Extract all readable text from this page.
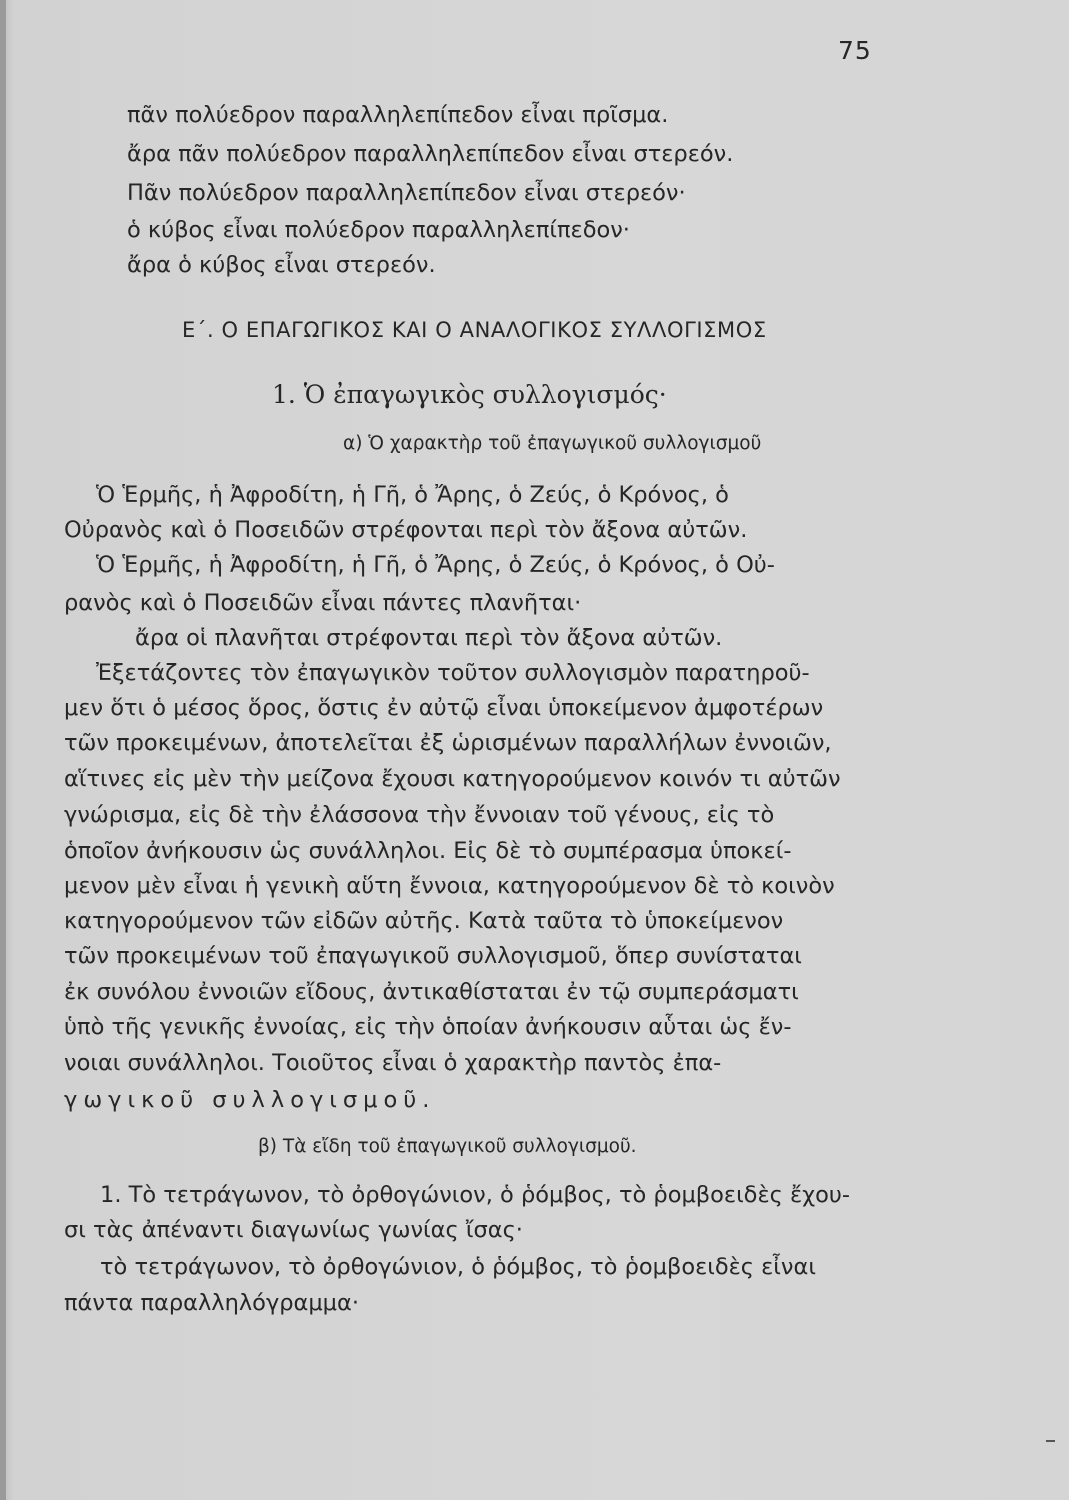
75
πᾶν πολύεδρον παραλληλεπίπεδον εἶναι πρῖσμα.
ἄρα πᾶν πολύεδρον παραλληλεπίπεδον εἶναι στερεόν.
Πᾶν πολύεδρον παραλληλεπίπεδον εἶναι στερεόν·
ὁ κύβος εἶναι πολύεδρον παραλληλεπίπεδον·
ἄρα ὁ κύβος εἶναι στερεόν.
Ε΄. Ο ΕΠΑΓΩΓΙΚΟΣ ΚΑΙ Ο ΑΝΑΛΟΓΙΚΟΣ ΣΥΛΛΟΓΙΣΜΟΣ
1. Ὁ ἐπαγωγικὸς συλλογισμός·
α) Ὁ χαρακτὴρ τοῦ ἐπαγωγικοῦ συλλογισμοῦ
Ὁ Ἑρμῆς, ἡ Ἀφροδίτη, ἡ Γῆ, ὁ Ἄρης, ὁ Ζεύς, ὁ Κρόνος, ὁ
Οὐρανὸς καὶ ὁ Ποσειδῶν στρέφονται περὶ τὸν ἄξονα αὐτῶν.
Ὁ Ἑρμῆς, ἡ Ἀφροδίτη, ἡ Γῆ, ὁ Ἄρης, ὁ Ζεύς, ὁ Κρόνος, ὁ Οὐ-
ρανὸς καὶ ὁ Ποσειδῶν εἶναι πάντες πλανῆται·
ἄρα οἱ πλανῆται στρέφονται περὶ τὸν ἄξονα αὐτῶν.
Ἐξετάζοντες τὸν ἐπαγωγικὸν τοῦτον συλλογισμὸν παρατηροῦ-
μεν ὅτι ὁ μέσος ὅρος, ὅστις ἐν αὐτῷ εἶναι ὑποκείμενον ἀμφοτέρων
τῶν προκειμένων, ἀποτελεῖται ἐξ ὡρισμένων παραλλήλων ἐννοιῶν,
αἵτινες εἰς μὲν τὴν μείζονα ἔχουσι κατηγορούμενον κοινόν τι αὐτῶν
γνώρισμα, εἰς δὲ τὴν ἐλάσσονα τὴν ἔννοιαν τοῦ γένους, εἰς τὸ
ὁποῖον ἀνήκουσιν ὡς συνάλληλοι. Εἰς δὲ τὸ συμπέρασμα ὑποκεί-
μενον μὲν εἶναι ἡ γενικὴ αὕτη ἔννοια, κατηγορούμενον δὲ τὸ κοινὸν
κατηγορούμενον τῶν εἰδῶν αὐτῆς. Κατὰ ταῦτα τὸ ὑποκείμενον
τῶν προκειμένων τοῦ ἐπαγωγικοῦ συλλογισμοῦ, ὅπερ συνίσταται
ἐκ συνόλου ἐννοιῶν εἴδους, ἀντικαθίσταται ἐν τῷ συμπεράσματι
ὑπὸ τῆς γενικῆς ἐννοίας, εἰς τὴν ὁποίαν ἀνήκουσιν αὗται ὡς ἔν-
νοιαι συνάλληλοι. Τοιοῦτος εἶναι ὁ χαρακτὴρ παντὸς ἐπα-
γωγικοῦ συλλογισμοῦ.
β) Τὰ εἴδη τοῦ ἐπαγωγικοῦ συλλογισμοῦ.
1. Τὸ τετράγωνον, τὸ ὀρθογώνιον, ὁ ῥόμβος, τὸ ῥομβοειδὲς ἔχου-
σι τὰς ἀπέναντι διαγωνίως γωνίας ἴσας·
τὸ τετράγωνον, τὸ ὀρθογώνιον, ὁ ῥόμβος, τὸ ῥομβοειδὲς εἶναι
πάντα παραλληλόγραμμα·
